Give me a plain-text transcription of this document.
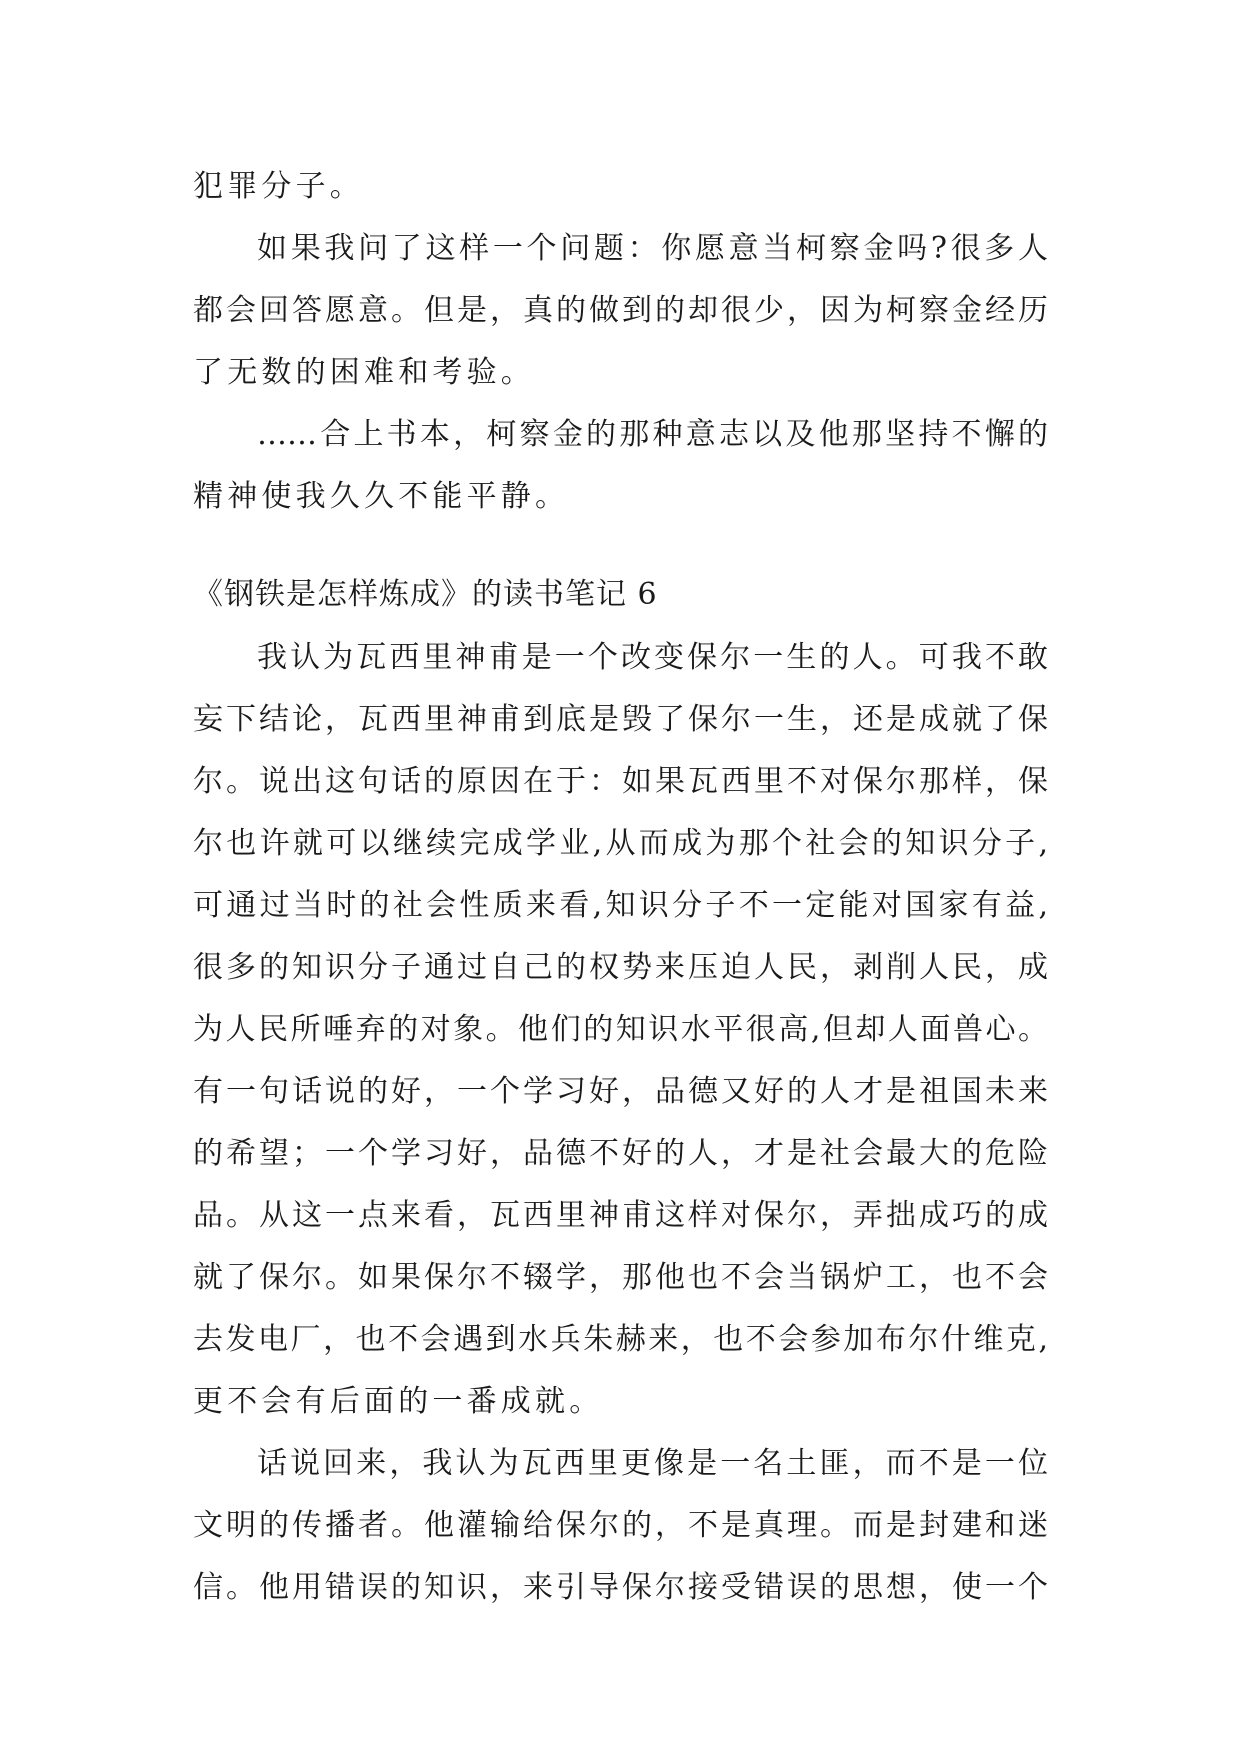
犯罪分子。
如果我问了这样一个问题：你愿意当柯察金吗?很多人
都会回答愿意。但是，真的做到的却很少，因为柯察金经历
了无数的困难和考验。
……合上书本，柯察金的那种意志以及他那坚持不懈的
精神使我久久不能平静。
《钢铁是怎样炼成》的读书笔记 6
我认为瓦西里神甫是一个改变保尔一生的人。可我不敢
妄下结论，瓦西里神甫到底是毁了保尔一生，还是成就了保
尔。说出这句话的原因在于：如果瓦西里不对保尔那样，保
尔也许就可以继续完成学业,从而成为那个社会的知识分子,
可通过当时的社会性质来看,知识分子不一定能对国家有益,
很多的知识分子通过自己的权势来压迫人民，剥削人民，成
为人民所唾弃的对象。他们的知识水平很高,但却人面兽心。
有一句话说的好，一个学习好，品德又好的人才是祖国未来
的希望；一个学习好，品德不好的人，才是社会最大的危险
品。从这一点来看，瓦西里神甫这样对保尔，弄拙成巧的成
就了保尔。如果保尔不辍学，那他也不会当锅炉工，也不会
去发电厂，也不会遇到水兵朱赫来，也不会参加布尔什维克,
更不会有后面的一番成就。
话说回来，我认为瓦西里更像是一名土匪，而不是一位
文明的传播者。他灌输给保尔的，不是真理。而是封建和迷
信。他用错误的知识，来引导保尔接受错误的思想，使一个
